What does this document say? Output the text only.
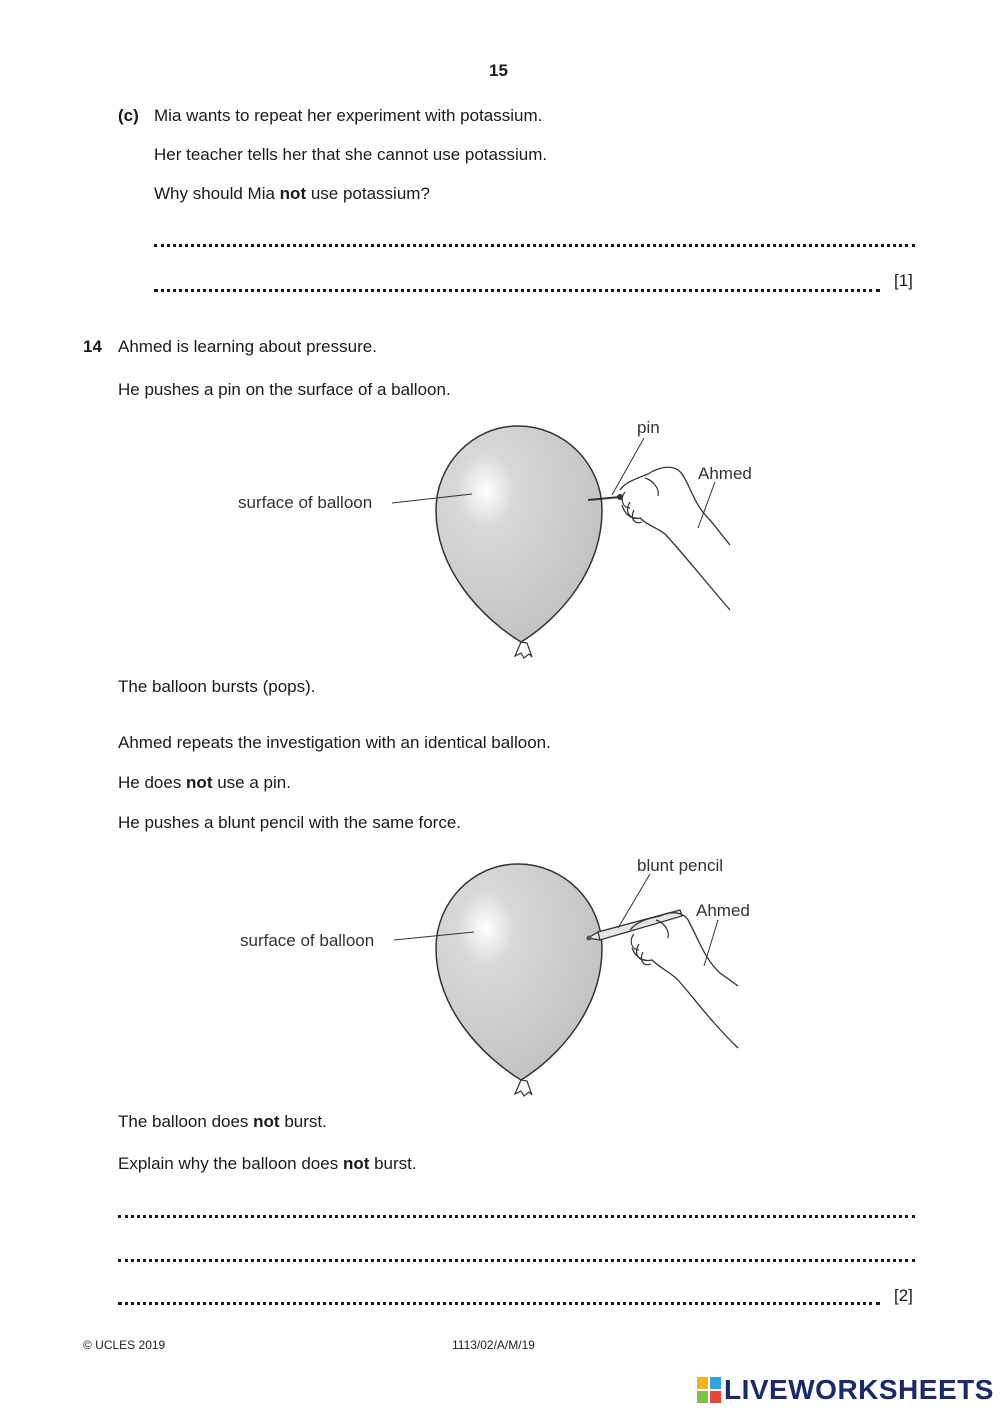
15
(c) Mia wants to repeat her experiment with potassium.
Her teacher tells her that she cannot use potassium.
Why should Mia not use potassium?
[1]
14 Ahmed is learning about pressure.
He pushes a pin on the surface of a balloon.
surface of balloon
pin
Ahmed
The balloon bursts (pops).
Ahmed repeats the investigation with an identical balloon.
He does not use a pin.
He pushes a blunt pencil with the same force.
surface of balloon
blunt pencil
Ahmed
The balloon does not burst.
Explain why the balloon does not burst.
[2]
© UCLES 2019	1113/02/A/M/19
LIVEWORKSHEETS
